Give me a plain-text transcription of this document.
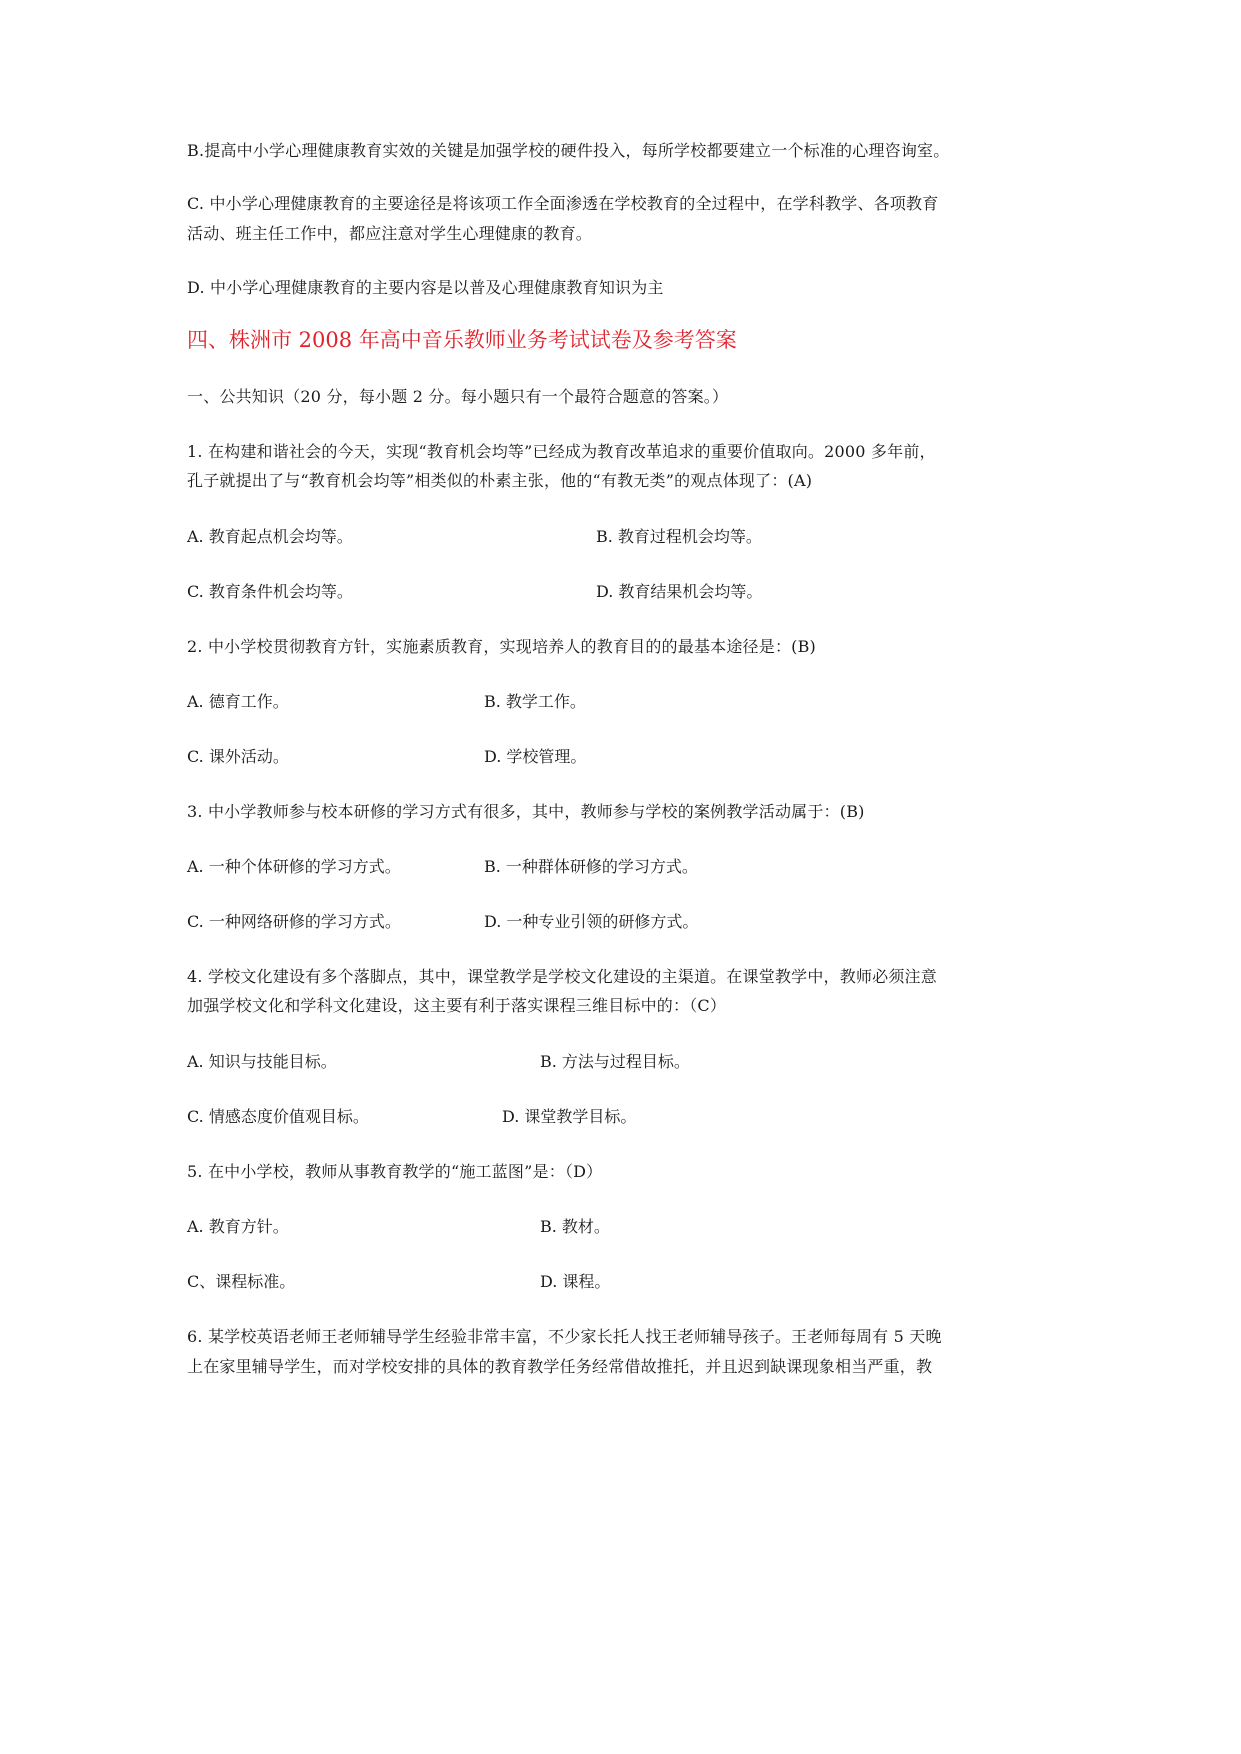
B.提高中小学心理健康教育实效的关键是加强学校的硬件投入，每所学校都要建立一个标准的心理咨询室。
C. 中小学心理健康教育的主要途径是将该项工作全面渗透在学校教育的全过程中，在学科教学、各项教育
活动、班主任工作中，都应注意对学生心理健康的教育。
D. 中小学心理健康教育的主要内容是以普及心理健康教育知识为主
四、株洲市 2008 年高中音乐教师业务考试试卷及参考答案
一、公共知识（20 分，每小题 2 分。每小题只有一个最符合题意的答案。）
1. 在构建和谐社会的今天，实现“教育机会均等”已经成为教育改革追求的重要价值取向。2000 多年前，
孔子就提出了与“教育机会均等”相类似的朴素主张，他的“有教无类”的观点体现了：(A)
A. 教育起点机会均等。	B. 教育过程机会均等。
C. 教育条件机会均等。	D. 教育结果机会均等。
2. 中小学校贯彻教育方针，实施素质教育，实现培养人的教育目的的最基本途径是：(B)
A. 德育工作。	B. 教学工作。
C. 课外活动。	D. 学校管理。
3. 中小学教师参与校本研修的学习方式有很多，其中，教师参与学校的案例教学活动属于：(B)
A. 一种个体研修的学习方式。	B. 一种群体研修的学习方式。
C. 一种网络研修的学习方式。	D. 一种专业引领的研修方式。
4. 学校文化建设有多个落脚点，其中，课堂教学是学校文化建设的主渠道。在课堂教学中，教师必须注意
加强学校文化和学科文化建设，这主要有利于落实课程三维目标中的：（C）
A. 知识与技能目标。	B. 方法与过程目标。
C. 情感态度价值观目标。	D. 课堂教学目标。
5. 在中小学校，教师从事教育教学的“施工蓝图”是：（D）
A. 教育方针。	B. 教材。
C、课程标准。	D. 课程。
6. 某学校英语老师王老师辅导学生经验非常丰富，不少家长托人找王老师辅导孩子。王老师每周有 5 天晚
上在家里辅导学生，而对学校安排的具体的教育教学任务经常借故推托，并且迟到缺课现象相当严重，教
